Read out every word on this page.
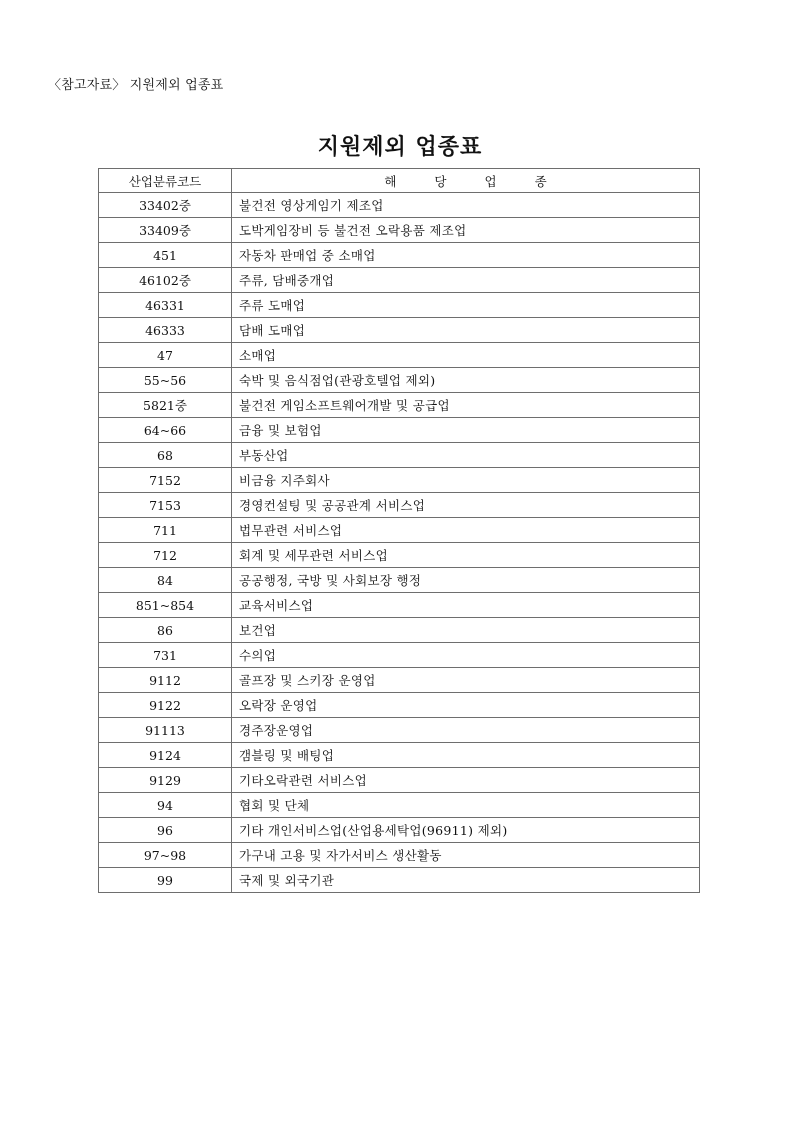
〈참고자료〉 지원제외 업종표
지원제외 업종표
산업분류코드	해당업종
33402중	불건전 영상게임기 제조업
33409중	도박게임장비 등 불건전 오락용품 제조업
451	자동차 판매업 중 소매업
46102중	주류, 담배중개업
46331	주류 도매업
46333	담배 도매업
47	소매업
55~56	숙박 및 음식점업(관광호텔업 제외)
5821중	불건전 게임소프트웨어개발 및 공급업
64~66	금융 및 보험업
68	부동산업
7152	비금융 지주회사
7153	경영컨설팅 및 공공관계 서비스업
711	법무관련 서비스업
712	회계 및 세무관련 서비스업
84	공공행정, 국방 및 사회보장 행정
851~854	교육서비스업
86	보건업
731	수의업
9112	골프장 및 스키장 운영업
9122	오락장 운영업
91113	경주장운영업
9124	갬블링 및 배팅업
9129	기타오락관련 서비스업
94	협회 및 단체
96	기타 개인서비스업(산업용세탁업(96911) 제외)
97~98	가구내 고용 및 자가서비스 생산활동
99	국제 및 외국기관
